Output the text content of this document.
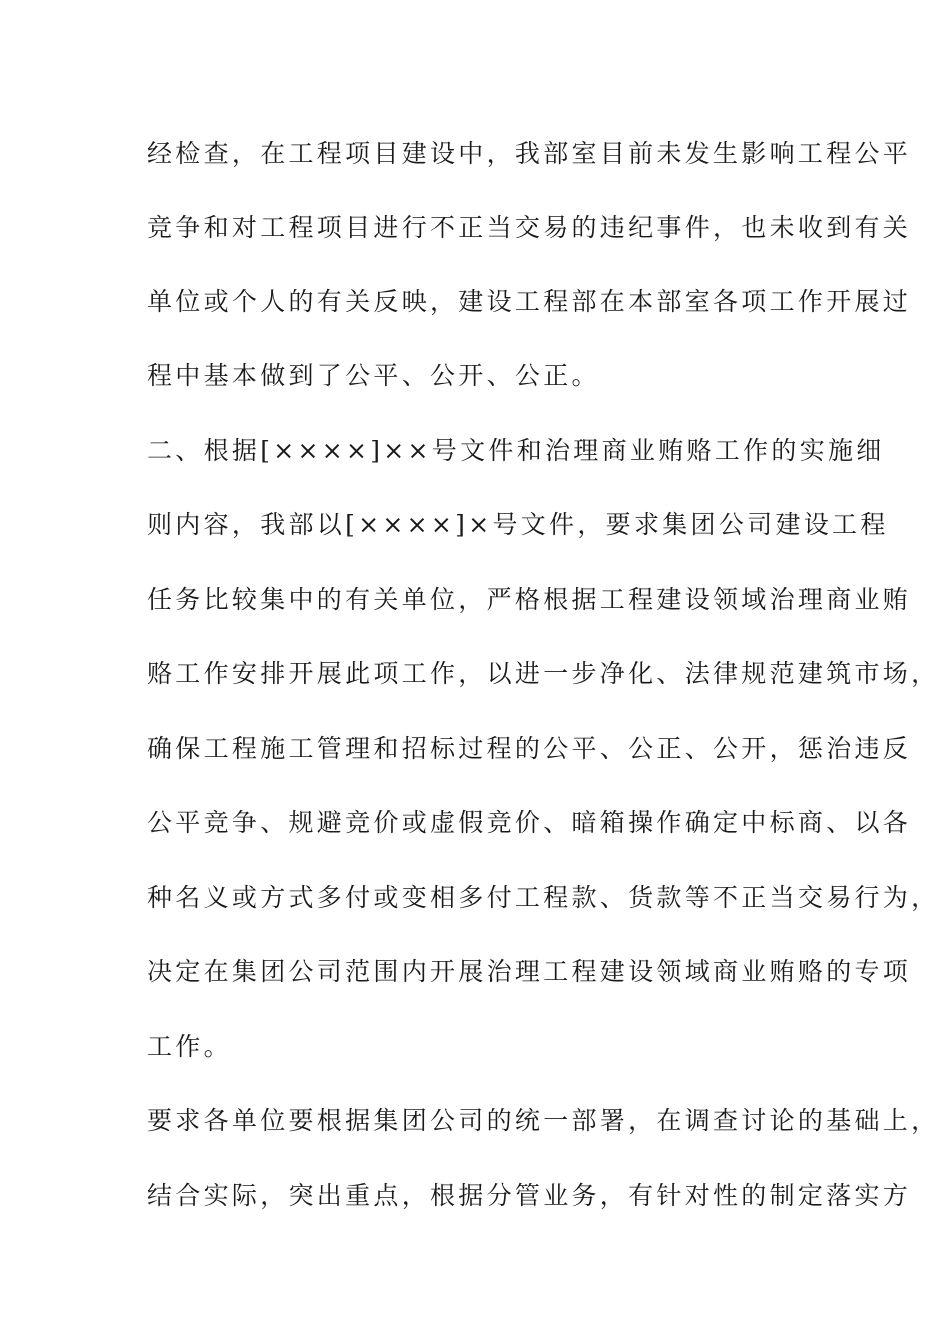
经检查，在工程项目建设中，我部室目前未发生影响工程公平
竞争和对工程项目进行不正当交易的违纪事件，也未收到有关
单位或个人的有关反映，建设工程部在本部室各项工作开展过
程中基本做到了公平、公开、公正。
二、根据[××××]××号文件和治理商业贿赂工作的实施细
则内容，我部以[××××]×号文件，要求集团公司建设工程
任务比较集中的有关单位，严格根据工程建设领域治理商业贿
赂工作安排开展此项工作，以进一步净化、法律规范建筑市场，
确保工程施工管理和招标过程的公平、公正、公开，惩治违反
公平竞争、规避竞价或虚假竞价、暗箱操作确定中标商、以各
种名义或方式多付或变相多付工程款、货款等不正当交易行为，
决定在集团公司范围内开展治理工程建设领域商业贿赂的专项
工作。
要求各单位要根据集团公司的统一部署，在调查讨论的基础上，
结合实际，突出重点，根据分管业务，有针对性的制定落实方
